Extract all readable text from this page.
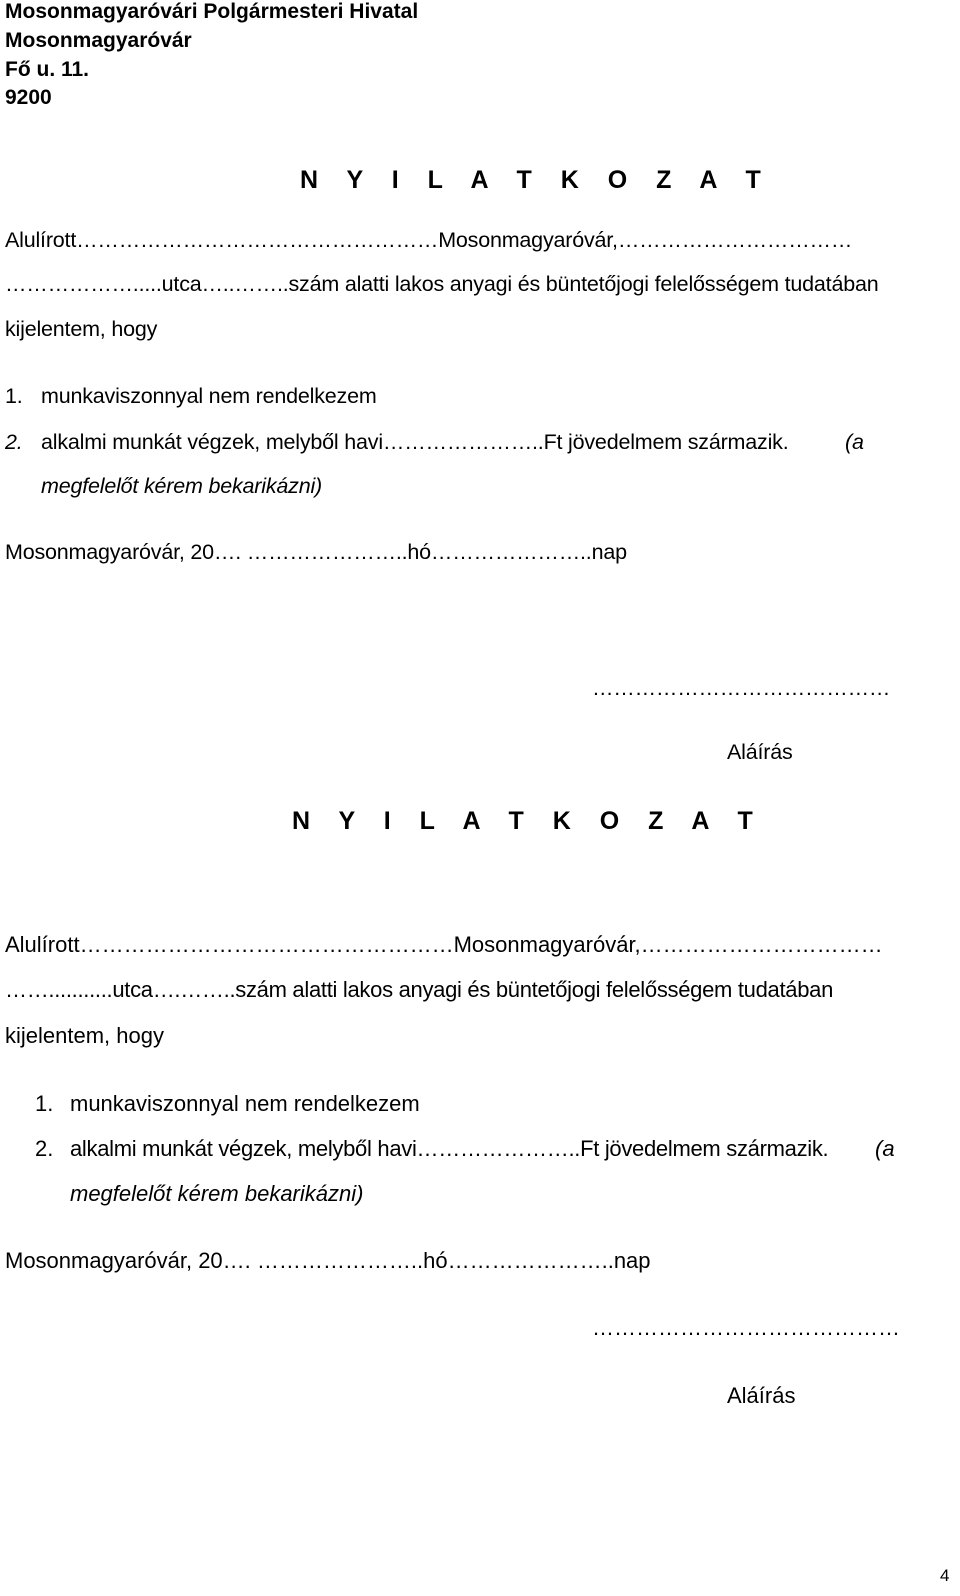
Mosonmagyaróvári Polgármesteri Hivatal
Mosonmagyaróvár
Fő u. 11.
9200
N Y I L A T K O Z A T
Alulírott……………………………………………Mosonmagyaróvár,……………………………
……………….....utca…..……..szám alatti lakos anyagi és büntetőjogi felelősségem tudatában
kijelentem, hogy
1. munkaviszonnyal nem rendelkezem
2. alkalmi munkát végzek, melyből havi…………………..Ft jövedelmem származik.	(a
megfelelőt kérem bekarikázni)
Mosonmagyaróvár, 20…. …………………..hó…………………..nap
……………………………………
Aláírás
N Y I L A T K O Z A T
Alulírott……………………………………………Mosonmagyaróvár,……………………………
……...........utca….……..szám alatti lakos anyagi és büntetőjogi felelősségem tudatában
kijelentem, hogy
1. munkaviszonnyal nem rendelkezem
2. alkalmi munkát végzek, melyből havi…………………..Ft jövedelmem származik. (a
megfelelőt kérem bekarikázni)
Mosonmagyaróvár, 20…. …………………..hó…………………..nap
……………………………………
Aláírás
4
